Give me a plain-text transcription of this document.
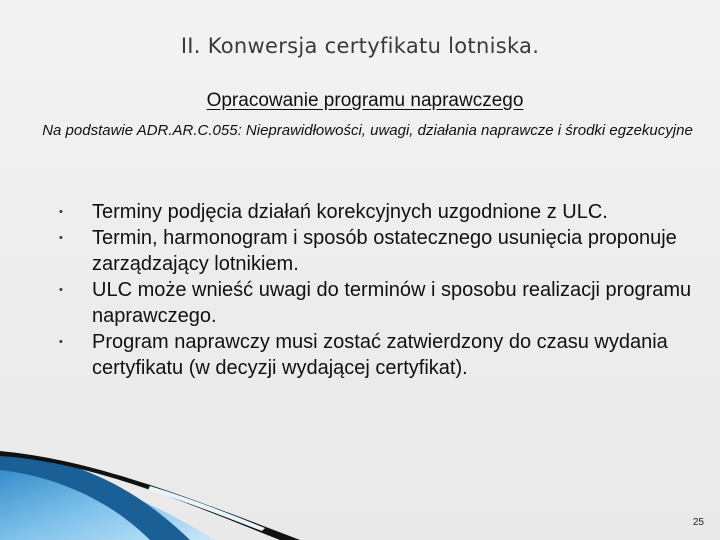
II. Konwersja certyfikatu lotniska.
Opracowanie programu naprawczego
Na podstawie ADR.AR.C.055: Nieprawidłowości, uwagi, działania naprawcze i środki egzekucyjne
• Terminy podjęcia działań korekcyjnych uzgodnione z ULC.
• Termin, harmonogram i sposób ostatecznego usunięcia proponuje zarządzający lotnikiem.
• ULC może wnieść uwagi do terminów i sposobu realizacji programu naprawczego.
• Program naprawczy musi zostać zatwierdzony do czasu wydania certyfikatu (w decyzji wydającej certyfikat).
25
